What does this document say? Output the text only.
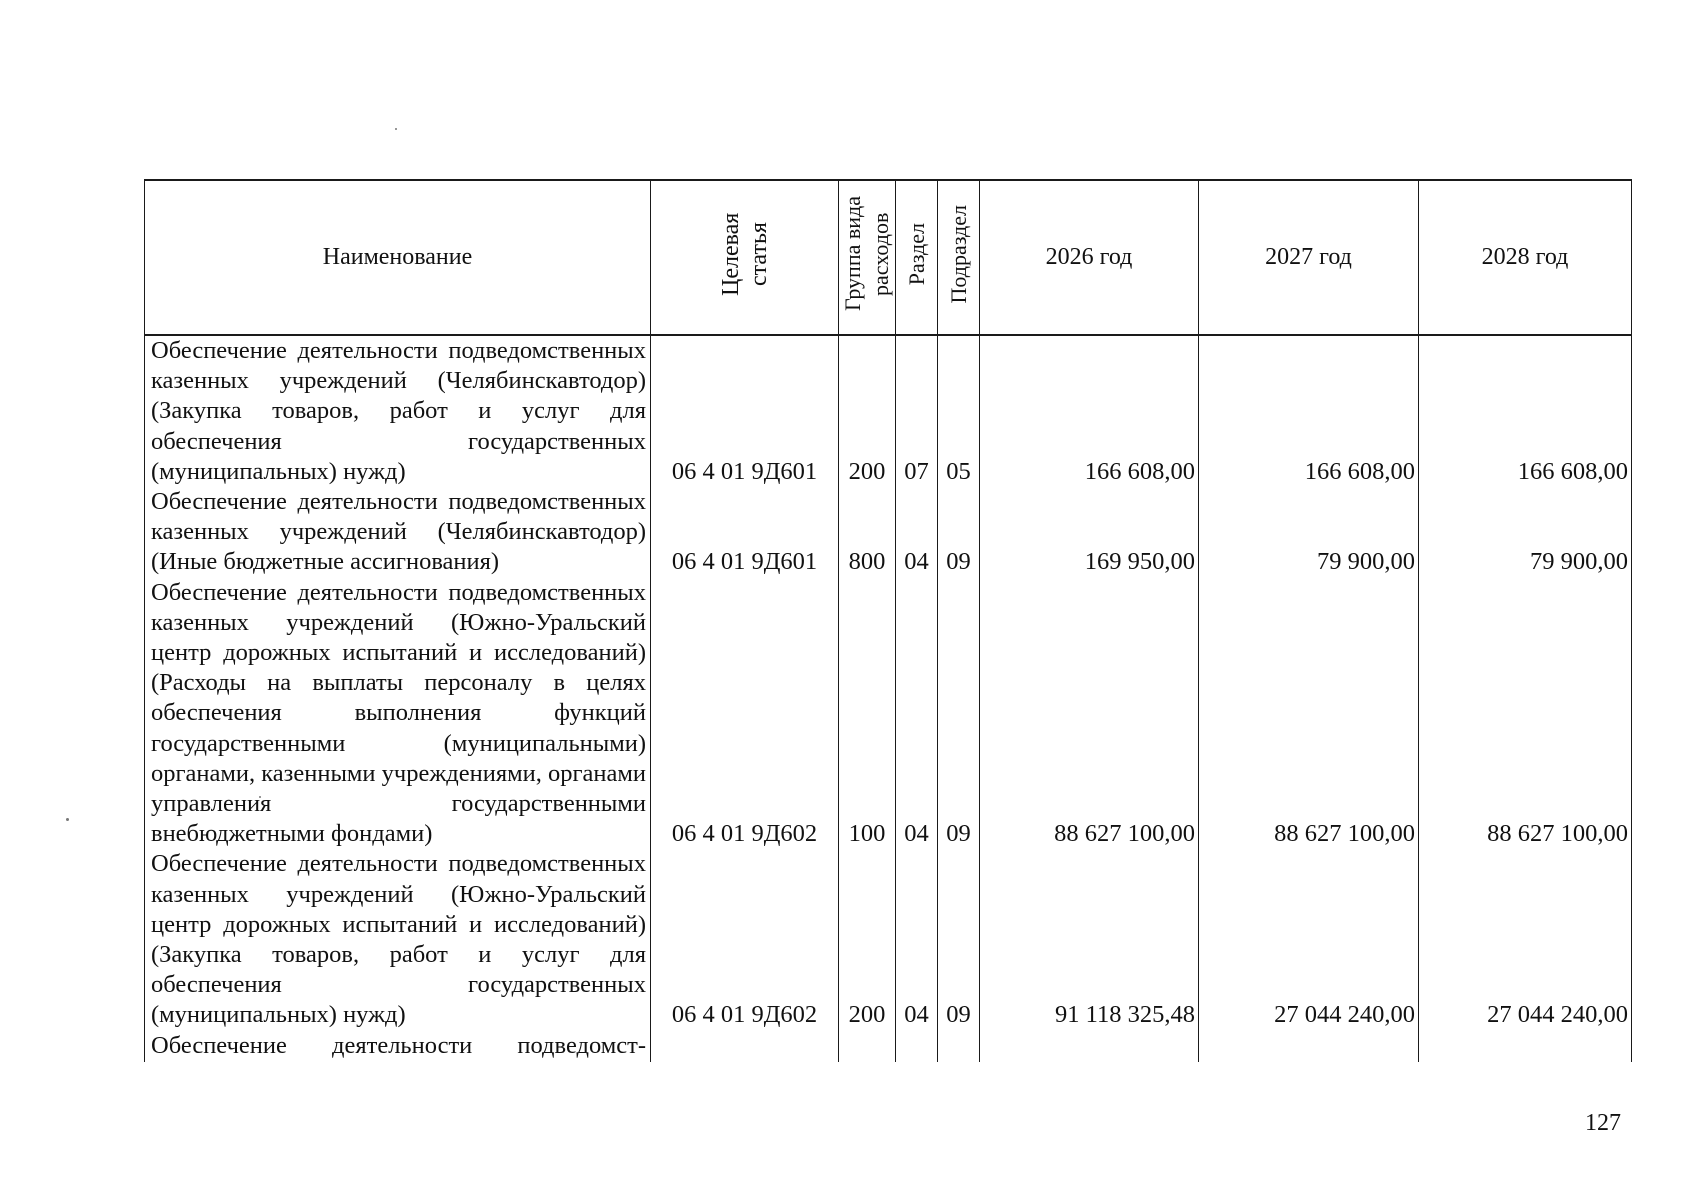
Наименование	Целевая статья	Группа вида расходов	Раздел	Подраздел	2026 год	2027 год	2028 год
Обеспечение деятельности подведомственных казенных учреждений (Челябинскавтодор) (Закупка товаров, работ и услуг для обеспечения государственных (муниципальных) нужд)	06 4 01 9Д601	200	07	05	166 608,00	166 608,00	166 608,00
Обеспечение деятельности подведомственных казенных учреждений (Челябинскавтодор) (Иные бюджетные ассигнования)	06 4 01 9Д601	800	04	09	169 950,00	79 900,00	79 900,00
Обеспечение деятельности подведомственных казенных учреждений (Южно-Уральский центр дорожных испытаний и исследований) (Расходы на выплаты персоналу в целях обеспечения выполнения функций государственными (муниципальными) органами, казенными учреждениями, органами управления государственными внебюджетными фондами)	06 4 01 9Д602	100	04	09	88 627 100,00	88 627 100,00	88 627 100,00
Обеспечение деятельности подведомственных казенных учреждений (Южно-Уральский центр дорожных испытаний и исследований) (Закупка товаров, работ и услуг для обеспечения государственных (муниципальных) нужд)	06 4 01 9Д602	200	04	09	91 118 325,48	27 044 240,00	27 044 240,00
Обеспечение деятельности подведомст-							
127
